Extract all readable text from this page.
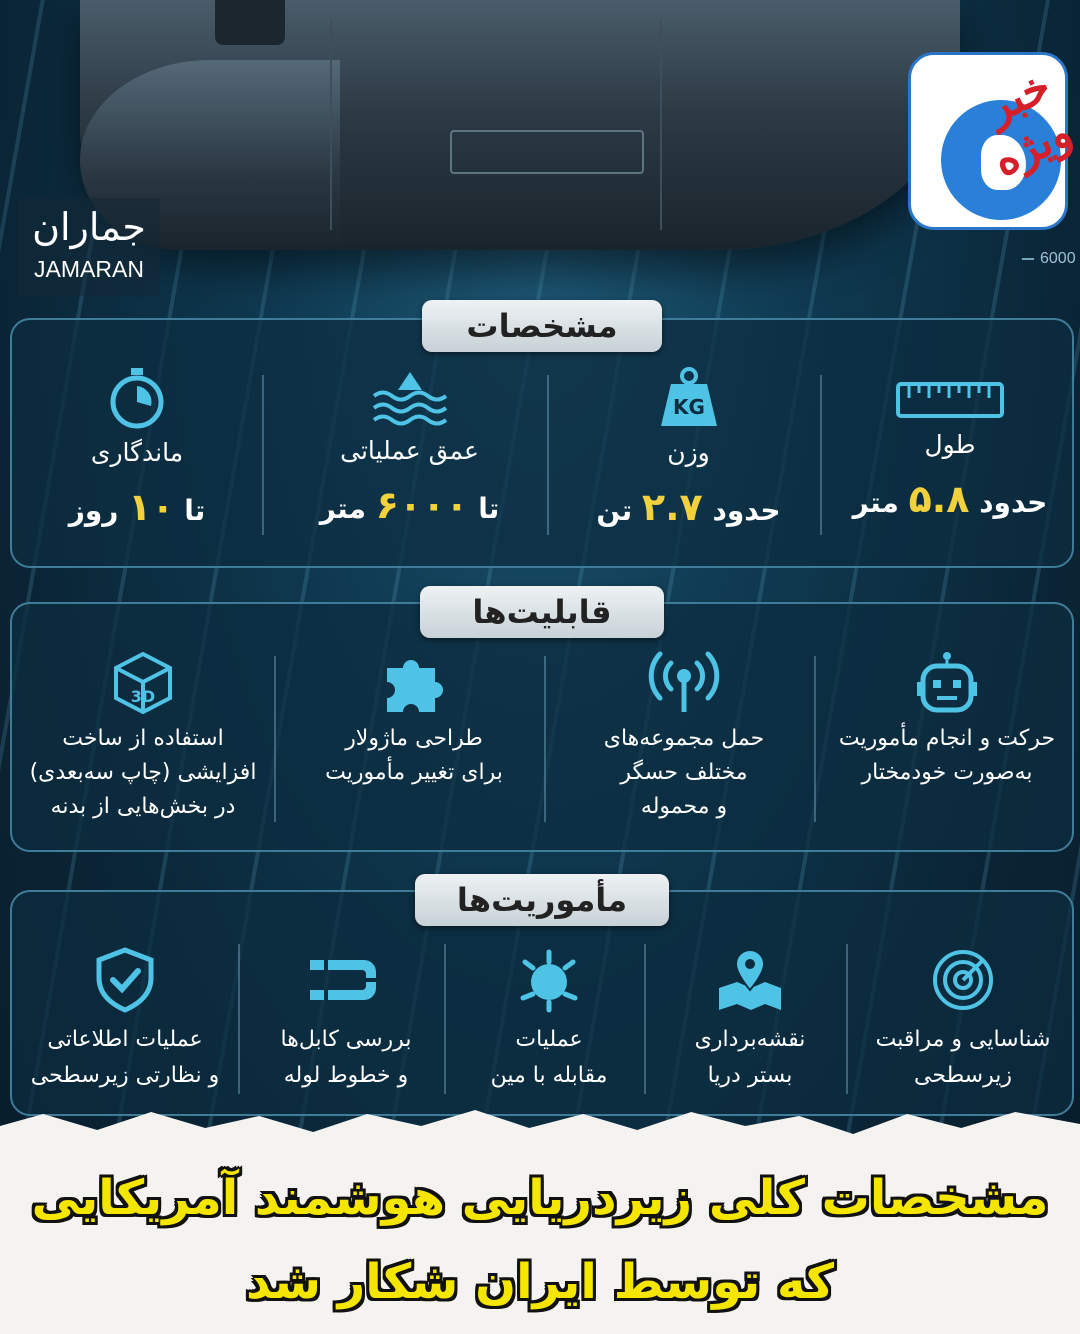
6000
جماران
JAMARAN
خبر ویژه
مشخصات
طول
حدود ۵.۸ متر
KG
وزن
حدود ۲.۷ تن
عمق عملیاتی
تا ۶۰۰۰ متر
ماندگاری
تا ۱۰ روز
قابلیت‌ها
حرکت و انجام مأموریت
به‌صورت خودمختار
حمل مجموعه‌های
مختلف حسگر
و محموله
طراحی ماژولار
برای تغییر مأموریت
3D
استفاده از ساخت
افزایشی (چاپ سه‌بعدی)
در بخش‌هایی از بدنه
مأموریت‌ها
شناسایی و مراقبت
زیرسطحی
نقشه‌برداری
بستر دریا
عملیات
مقابله با مین
بررسی کابل‌ها
و خطوط لوله
عملیات اطلاعاتی
و نظارتی زیرسطحی
مشخصات کلی زیردریایی هوشمند آمریکایی
که توسط ایران شکار شد
